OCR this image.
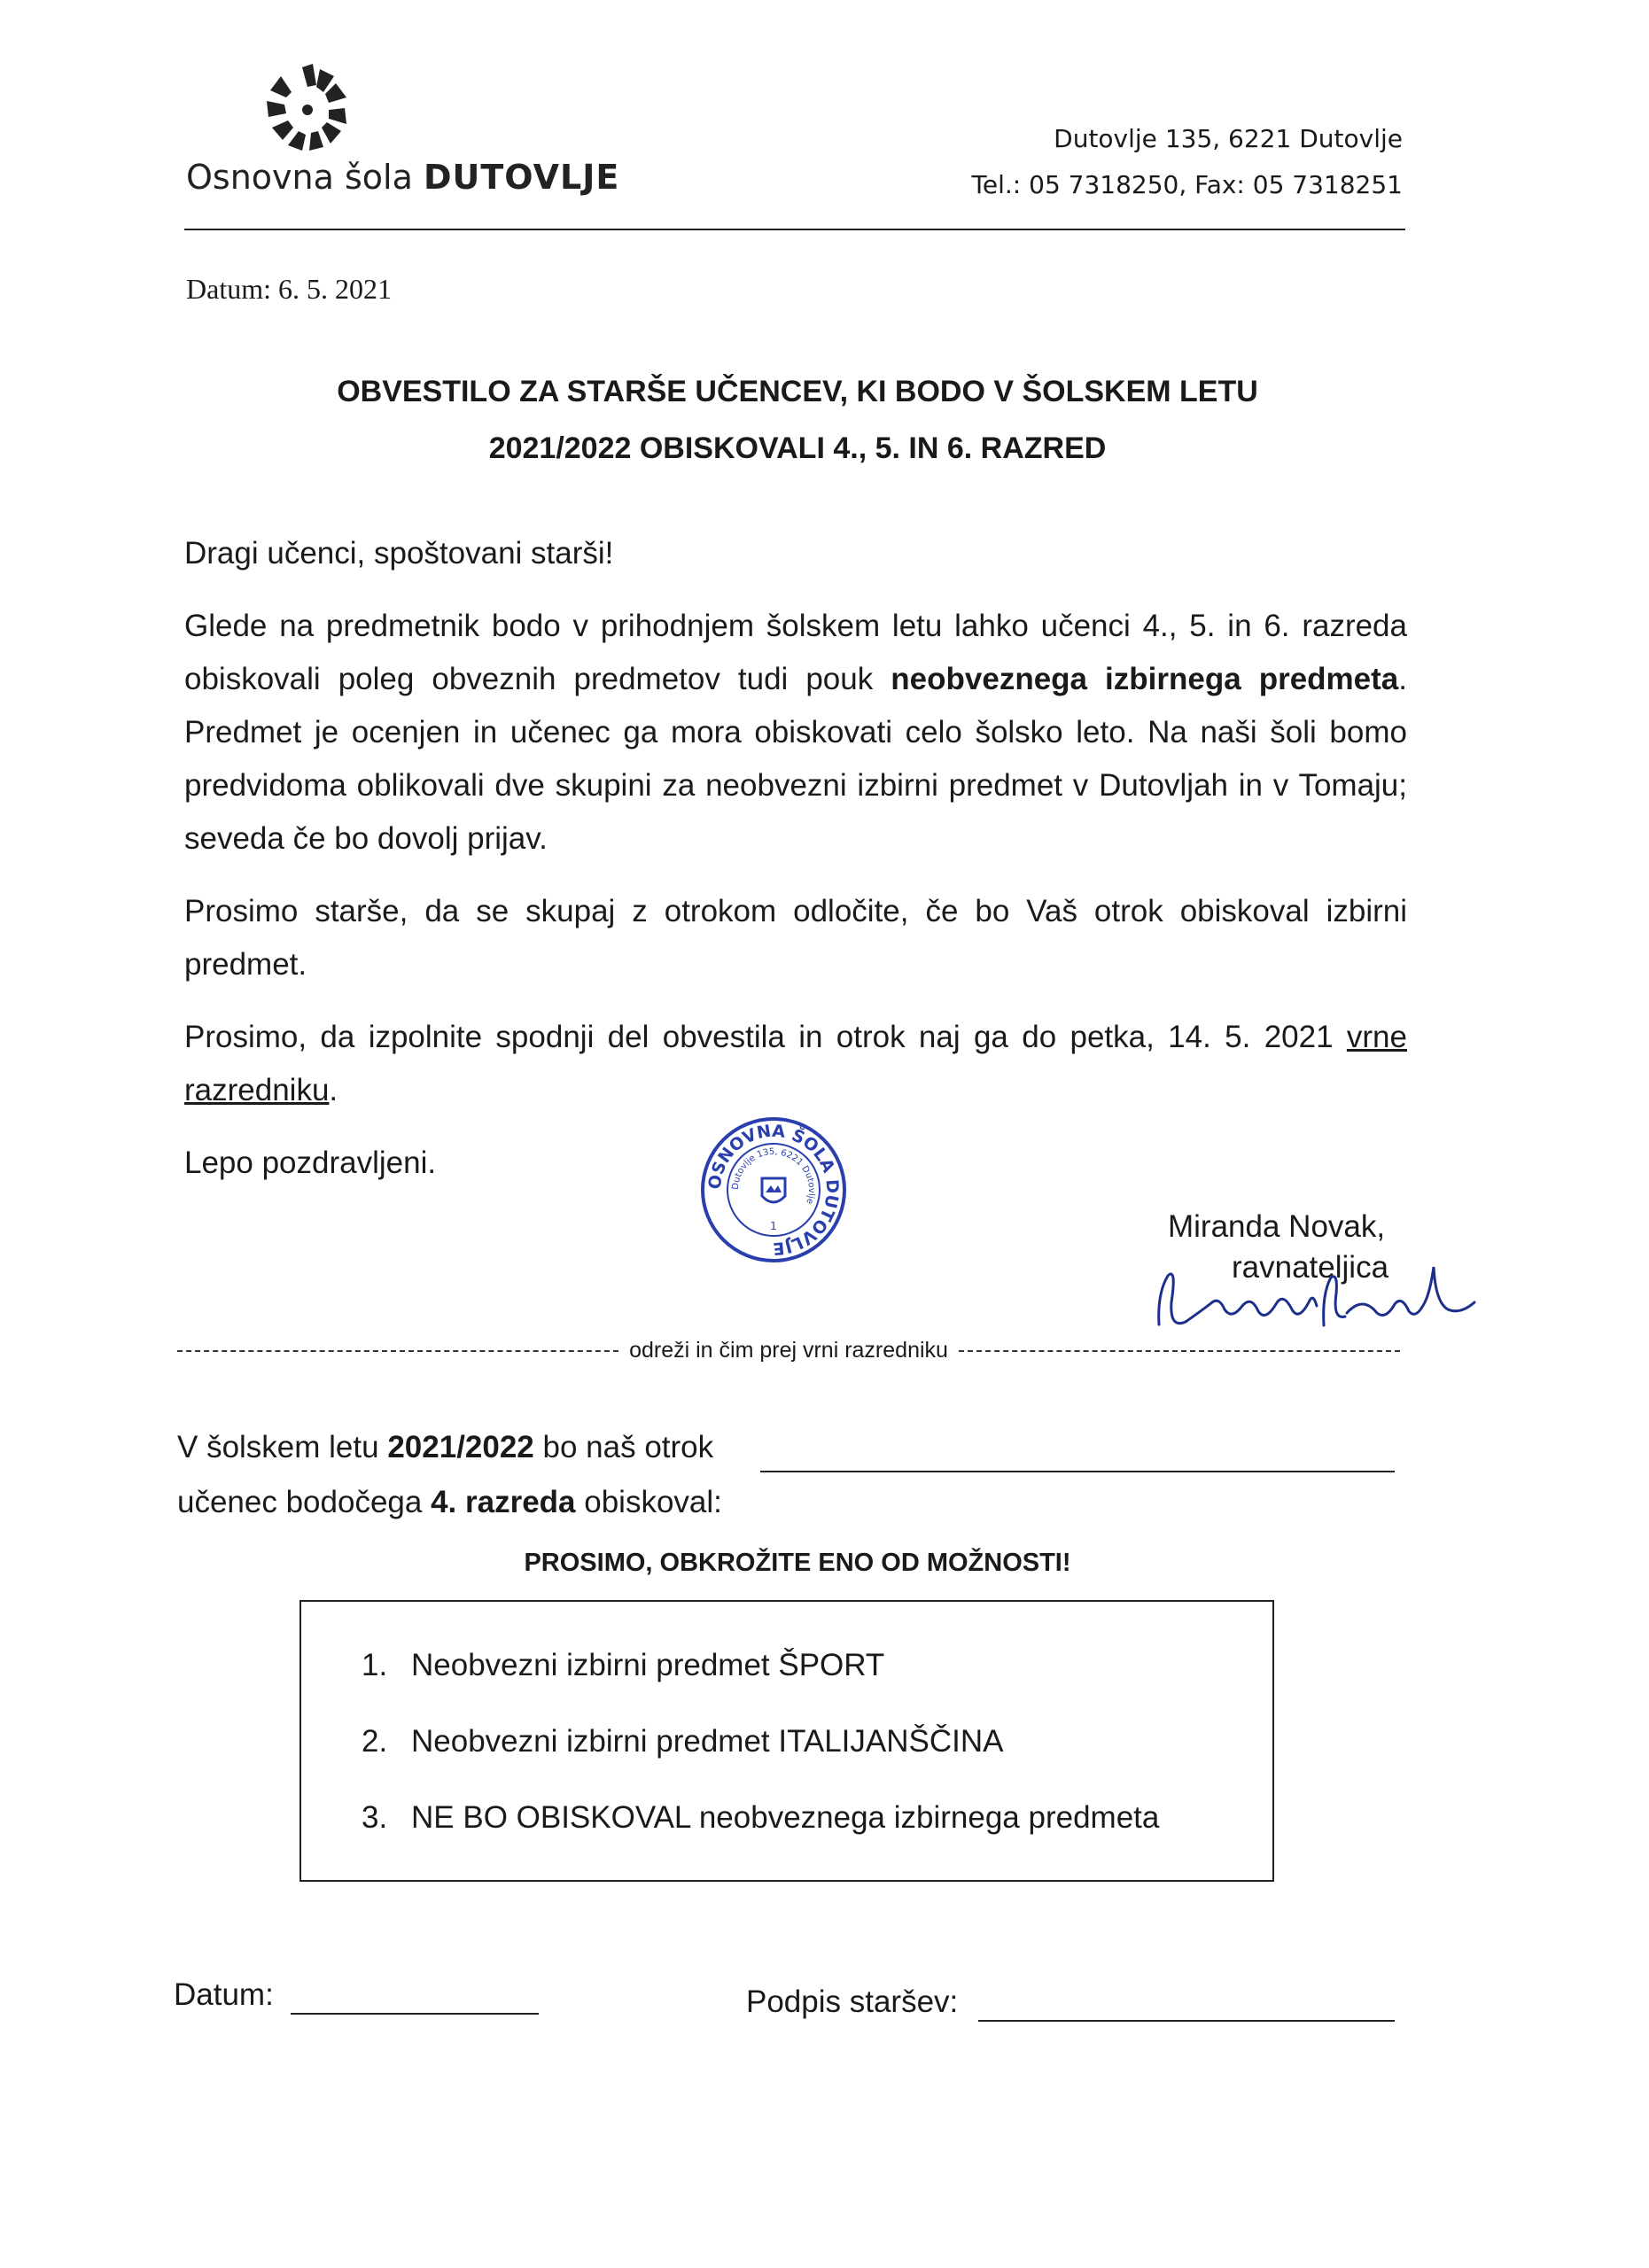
Osnovna šola DUTOVLJE
Dutovlje 135, 6221 Dutovlje
Tel.: 05 7318250, Fax: 05 7318251
Datum: 6. 5. 2021
OBVESTILO ZA STARŠE UČENCEV, KI BODO V ŠOLSKEM LETU
2021/2022 OBISKOVALI 4., 5. IN 6. RAZRED

Dragi učenci, spoštovani starši!

Glede na predmetnik bodo v prihodnjem šolskem letu lahko učenci 4., 5. in 6. razreda obiskovali poleg obveznih predmetov tudi pouk neobveznega izbirnega predmeta. Predmet je ocenjen in učenec ga mora obiskovati celo šolsko leto. Na naši šoli bomo predvidoma oblikovali dve skupini za neobvezni izbirni predmet v Dutovljah in v Tomaju; seveda če bo dovolj prijav.

Prosimo starše, da se skupaj z otrokom odločite, če bo Vaš otrok obiskoval izbirni predmet.

Prosimo, da izpolnite spodnji del obvestila in otrok naj ga do petka, 14. 5. 2021 vrne razredniku.

Lepo pozdravljeni.

OSNOVNA ŠOLA DUTOVLJE
Dutovlje 135, 6221 Dutovlje
1	Miranda Novak,
ravnateljica
odreži in čim prej vrni razredniku
V šolskem letu 2021/2022 bo naš otrok
učenec bodočega 4. razreda obiskoval:
PROSIMO, OBKROŽITE ENO OD MOŽNOSTI!
1. Neobvezni izbirni predmet ŠPORT
2. Neobvezni izbirni predmet ITALIJANŠČINA
3. NE BO OBISKOVAL neobveznega izbirnega predmeta
Datum:	Podpis staršev:
